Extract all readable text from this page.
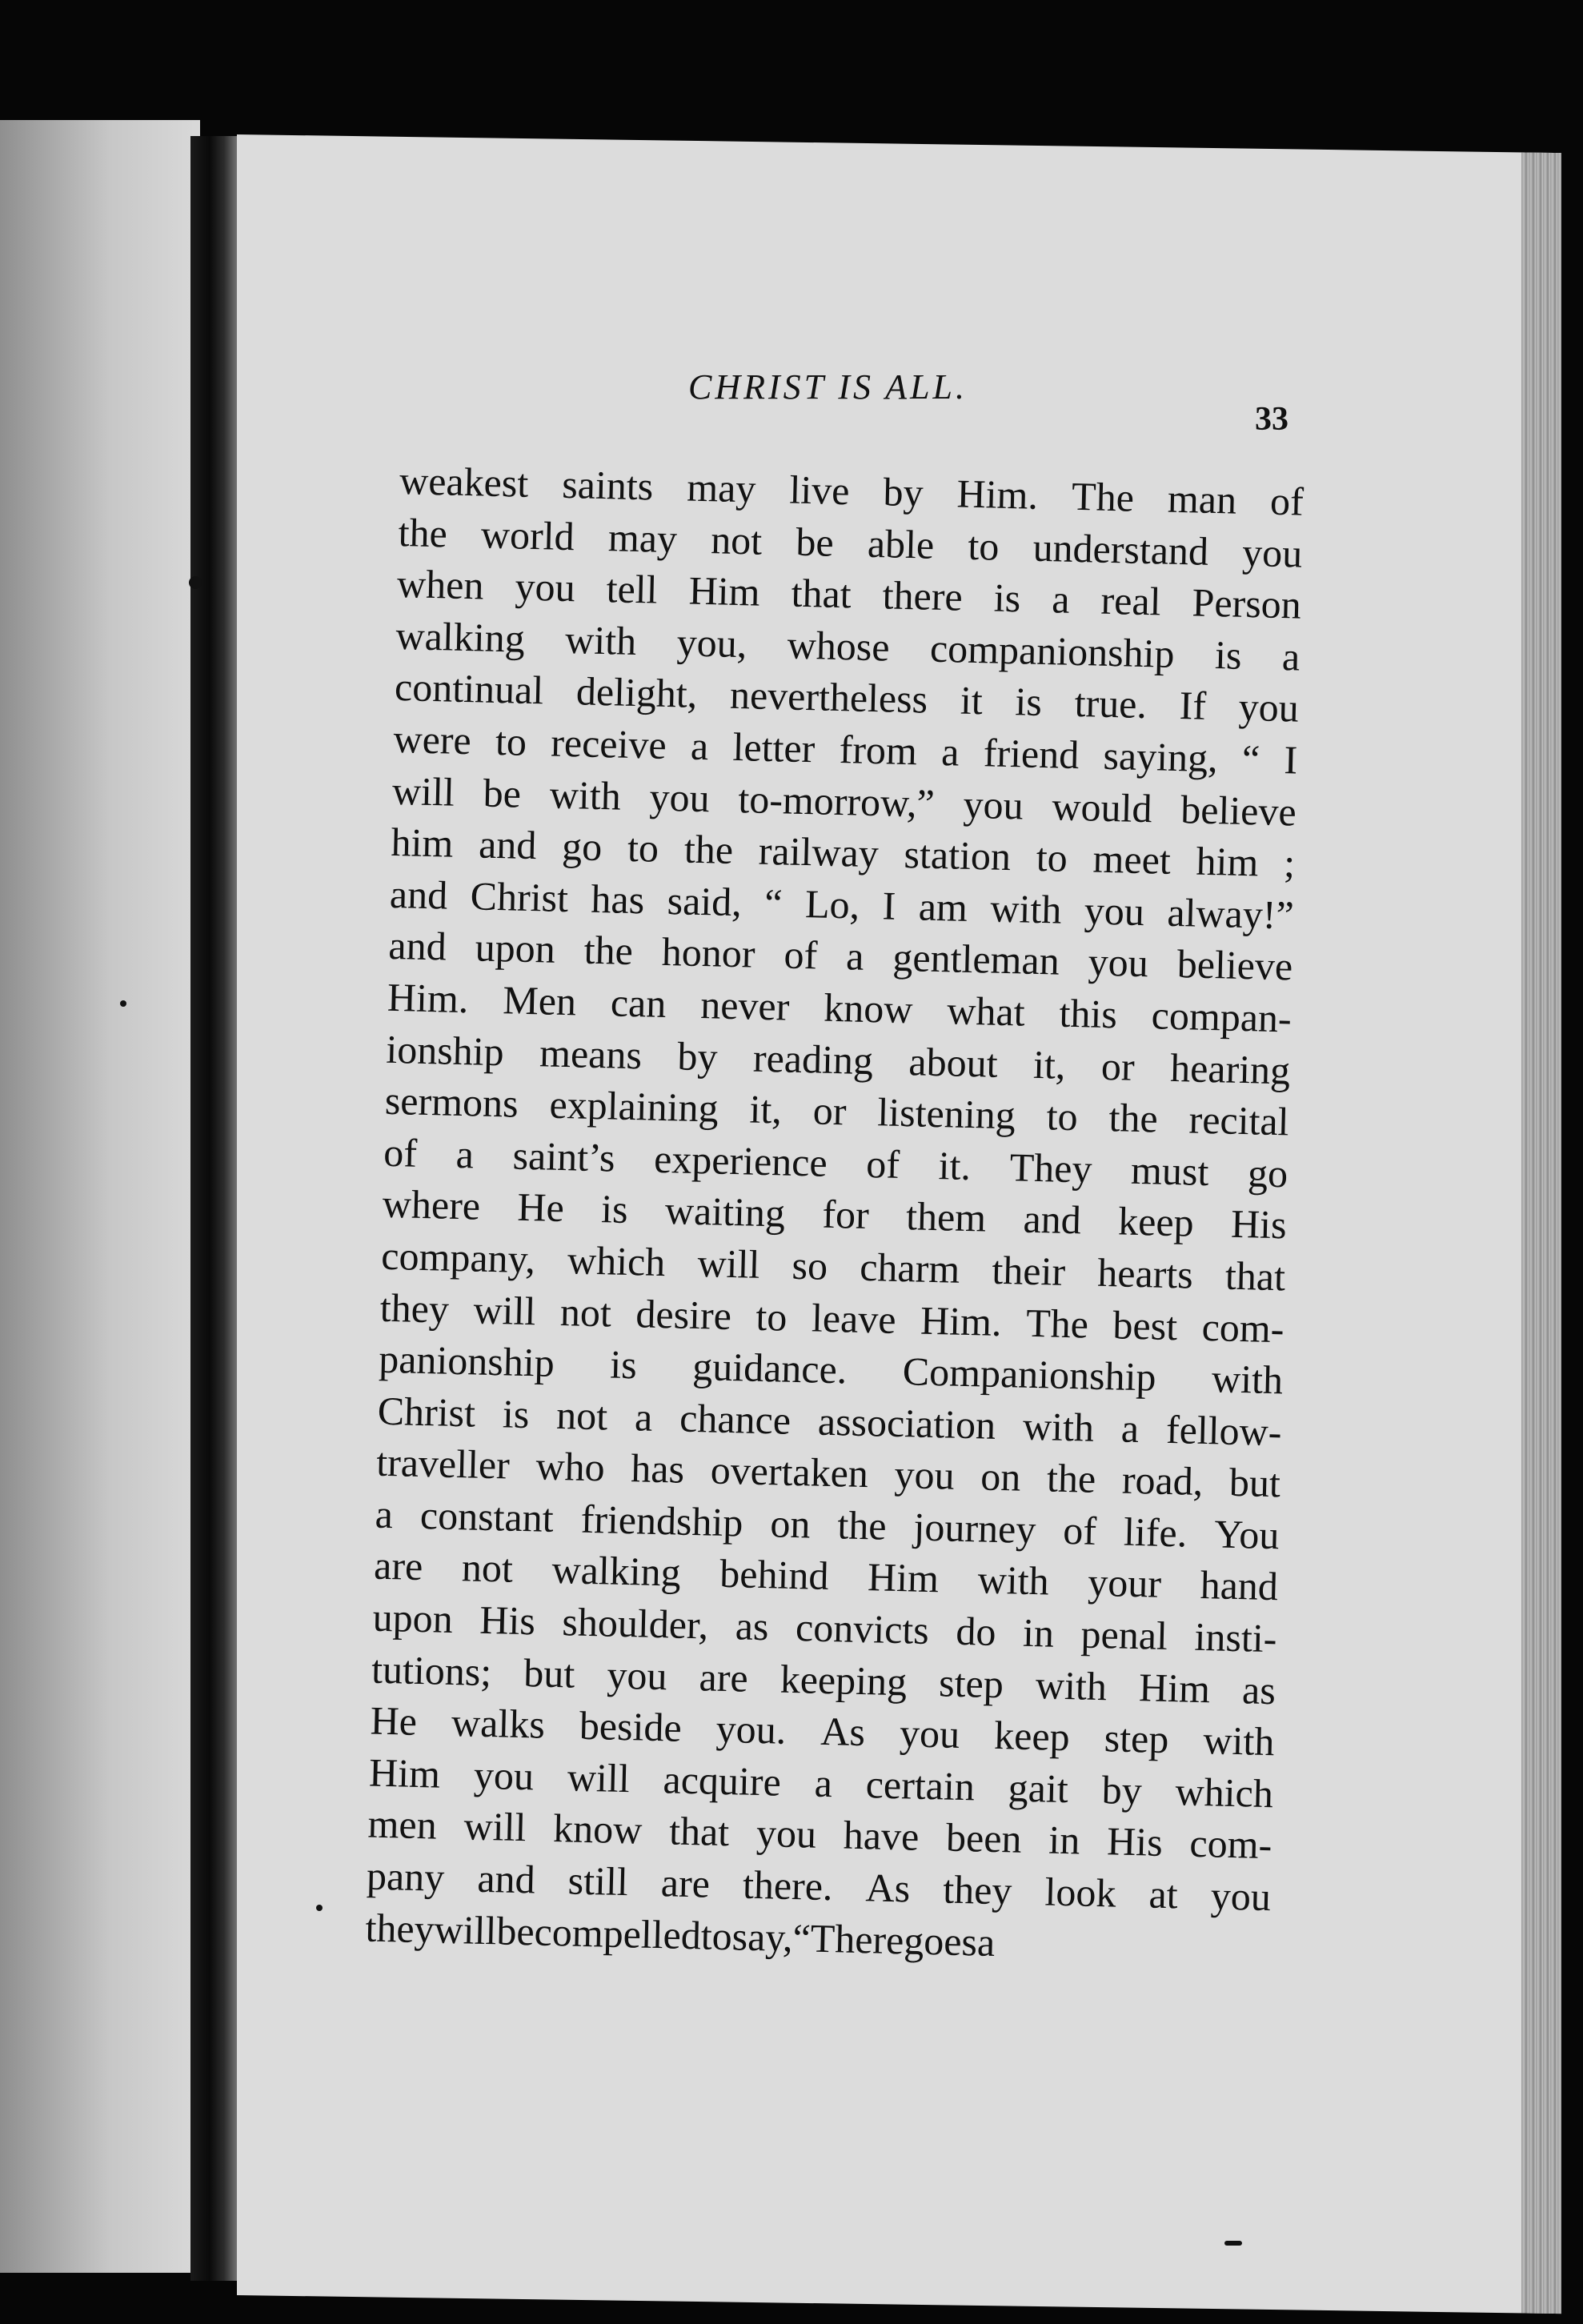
CHRIST IS ALL.
33
weakest saints may live by Him. The man of
the world may not be able to understand you
when you tell Him that there is a real Person
walking with you, whose companionship is a
continual delight, nevertheless it is true. If you
were to receive a letter from a friend saying, “ I
will be with you to-morrow,” you would believe
him and go to the railway station to meet him ;
and Christ has said, “ Lo, I am with you alway!”
and upon the honor of a gentleman you believe
Him. Men can never know what this compan-
ionship means by reading about it, or hearing
sermons explaining it, or listening to the recital
of a saint’s experience of it. They must go
where He is waiting for them and keep His
company, which will so charm their hearts that
they will not desire to leave Him. The best com-
panionship is guidance. Companionship with
Christ is not a chance association with a fellow-
traveller who has overtaken you on the road, but
a constant friendship on the journey of life. You
are not walking behind Him with your hand
upon His shoulder, as convicts do in penal insti-
tutions; but you are keeping step with Him as
He walks beside you. As you keep step with
Him you will acquire a certain gait by which
men will know that you have been in His com-
pany and still are there. As they look at you
they
will
be
compelled
to
say,
“There
goes
a
